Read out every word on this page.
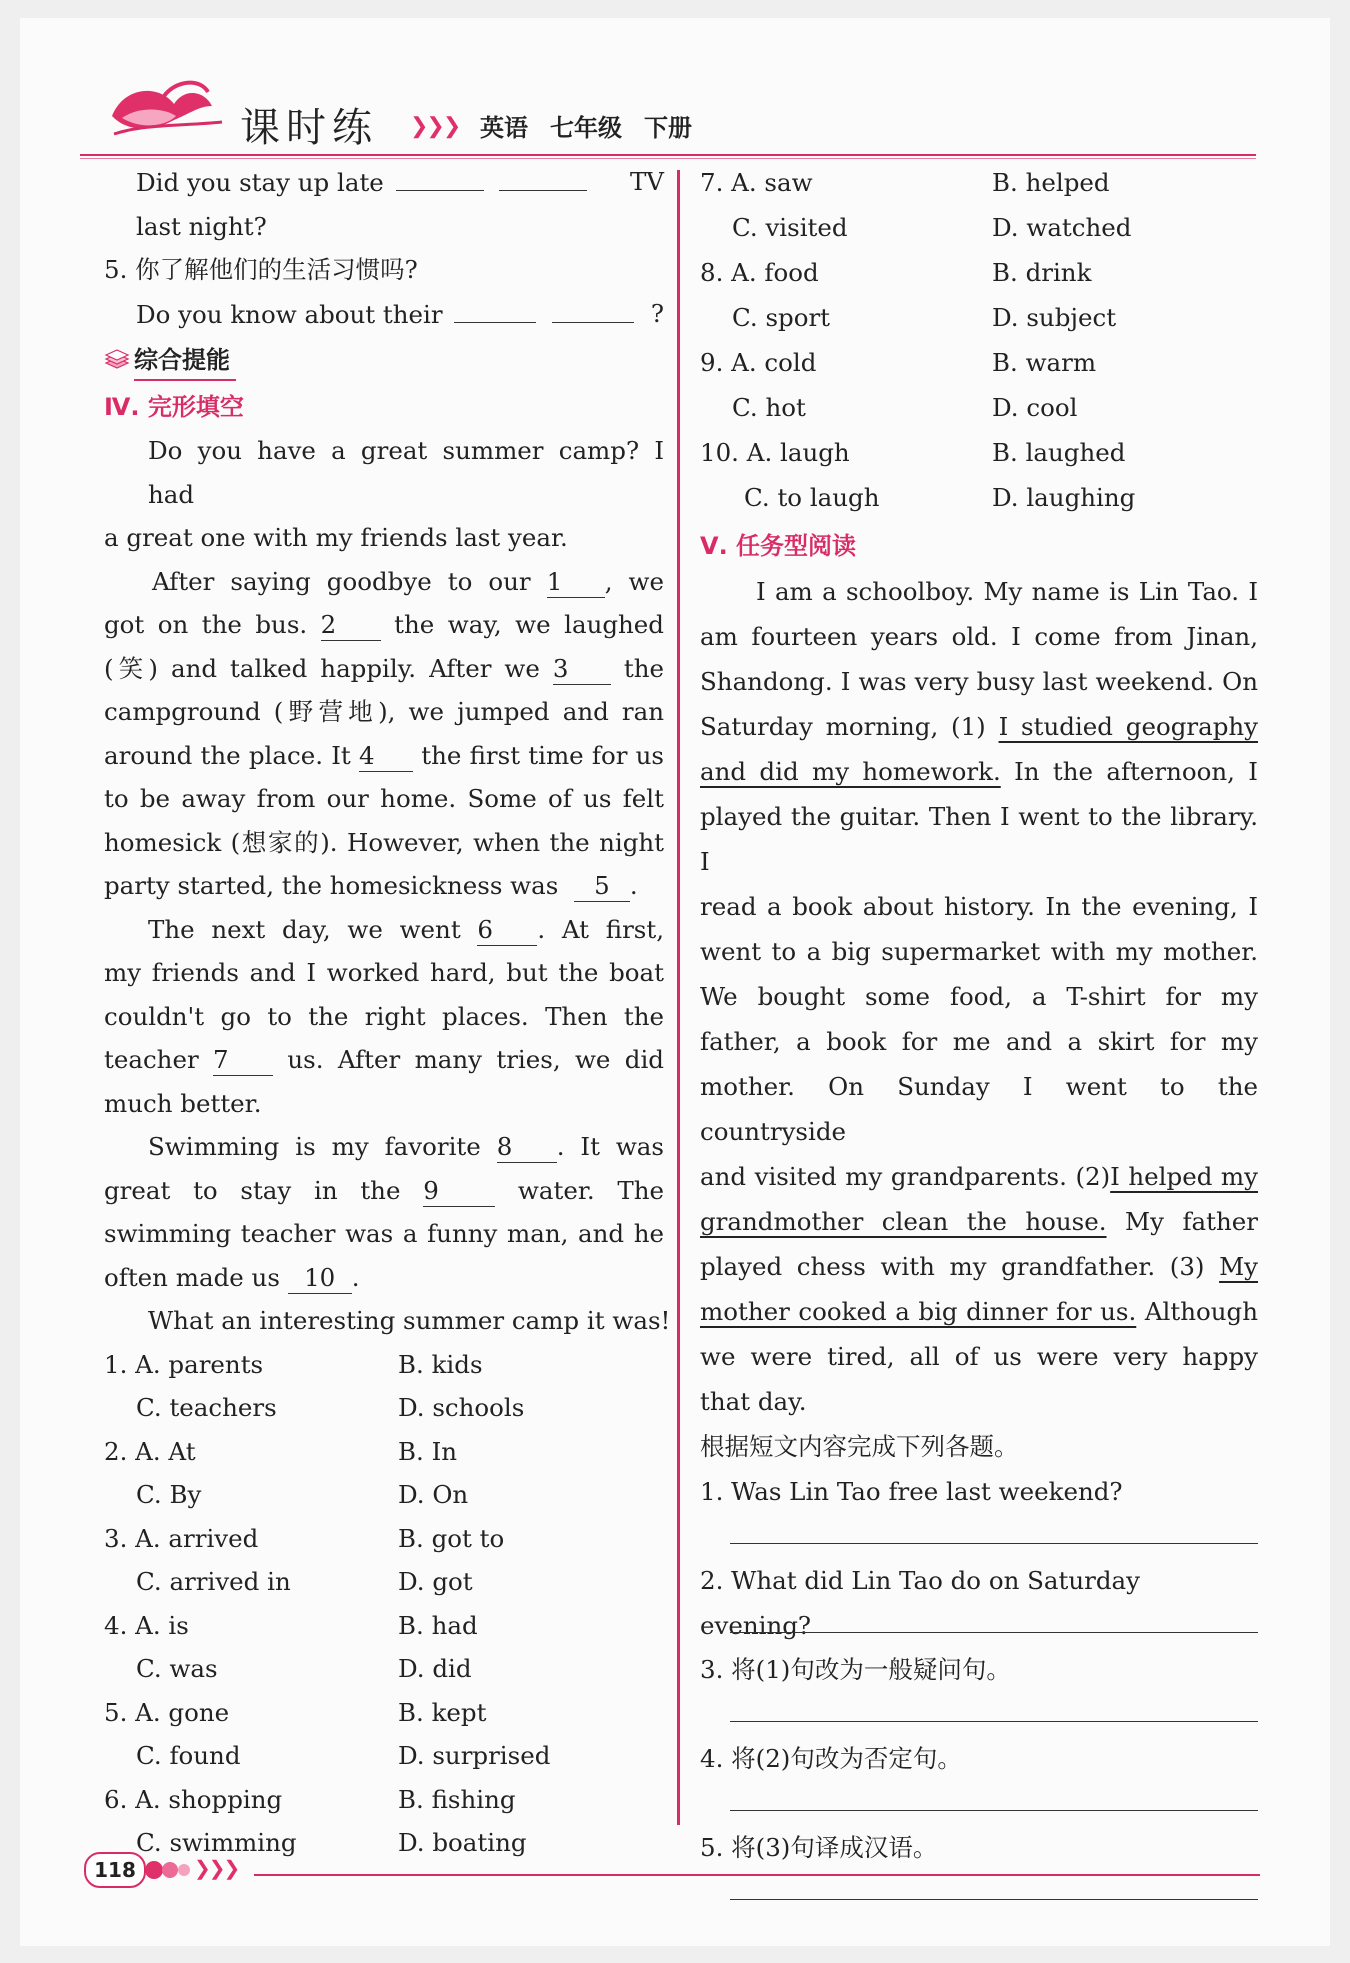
课时练 ❯❯❯ 英语 七年级 下册
Did you stay up late	TV
last night?
5. 你了解他们的生活习惯吗?
Do you know about their	?
综合提能
Ⅳ. 完形填空
Do you have a great summer camp? I had
a great one with my friends last year.
After saying goodbye to our 1 , we
got on the bus. 2 the way, we laughed
(笑) and talked happily. After we 3 the
campground (野营地), we jumped and ran
around the place. It 4 the first time for us
to be away from our home. Some of us felt
homesick (想家的). However, when the night
party started, the homesickness was 5 .
The next day, we went 6 . At first,
my friends and I worked hard, but the boat
couldn't go to the right places. Then the
teacher 7 us. After many tries, we did
much better.
Swimming is my favorite 8 . It was
great to stay in the 9	water. The
swimming teacher was a funny man, and he
often made us 10 .
What an interesting summer camp it was!
1. A. parents	B. kids
C. teachers	D. schools
2. A. At	B. In
C. By	D. On
3. A. arrived	B. got to
C. arrived in	D. got
4. A. is	B. had
C. was	D. did
5. A. gone	B. kept
C. found	D. surprised
6. A. shopping	B. fishing
C. swimming	D. boating
7. A. saw	B. helped
C. visited	D. watched
8. A. food	B. drink
C. sport	D. subject
9. A. cold	B. warm
C. hot	D. cool
10. A. laugh	B. laughed
C. to laugh	D. laughing
Ⅴ. 任务型阅读
I am a schoolboy. My name is Lin Tao. I
am fourteen years old. I come from Jinan,
Shandong. I was very busy last weekend. On
Saturday morning, (1) I studied geography
and did my homework. In the afternoon, I
played the guitar. Then I went to the library. I
read a book about history. In the evening, I
went to a big supermarket with my mother.
We bought some food, a T-shirt for my
father, a book for me and a skirt for my
mother. On Sunday I went to the countryside
and visited my grandparents. (2)I helped my
grandmother clean the house. My father
played chess with my grandfather. (3) My
mother cooked a big dinner for us. Although
we were tired, all of us were very happy
that day.
根据短文内容完成下列各题。
1. Was Lin Tao free last weekend?
2. What did Lin Tao do on Saturday evening?
3. 将(1)句改为一般疑问句。
4. 将(2)句改为否定句。
5. 将(3)句译成汉语。
118	❯❯❯
